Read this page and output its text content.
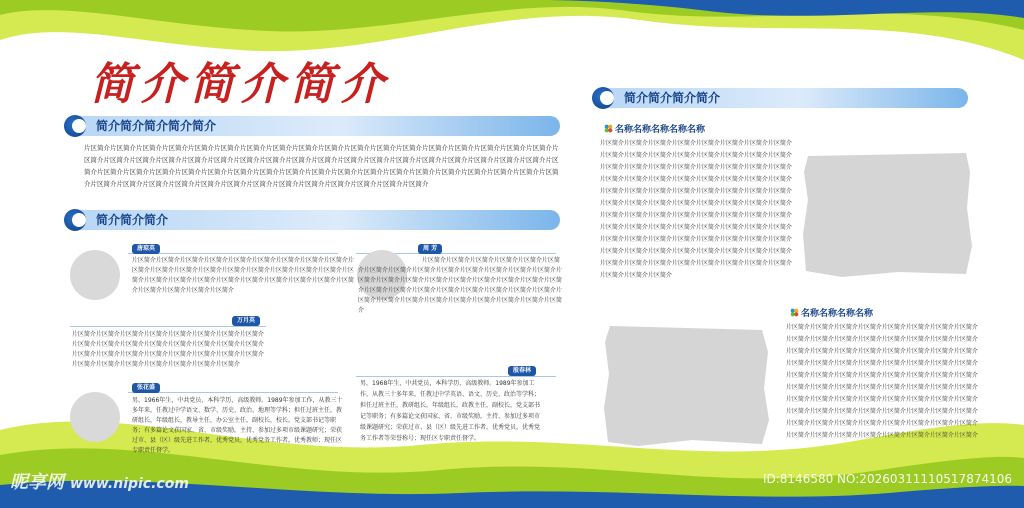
简介简介简介
简介简介简介简介简介
片区简介片区简介片区简介片区简介片区简介片区简介片区简介片区简介片区简介片区简介片区简介片区简介片区简介片区简介片区简介片区简介片区简介片区简介片区简介片区简介片区简介片区简介片区简介片区简介片区简介片区简介片区简介片区简介片区简介片区简介片区简介片区简介片区简介片区简介片区简介片区简介片区简介片区简介片区简介片区简介片区简介片区简介片区简介片区简介片区简介片区简介片区简介片区简介片区简介片区简介片区简介片区简介片区简介片区简介片区简介片区简介片区简介片区简介片区简介片区简介片区简介片区简介片区简介片区简介片区简介片区简介片区简介片区简介
简介简介简介
唐琼英
片区简介片区简介片区简介片区简介片区简介片区简介片区简介片区简介片区简介片区简介片区简介片区简介片区简介片区简介片区简介片区简介片区简介片区简介片区简介片区简介片区简介片区简介片区简介片区简介片区简介片区简介片区简介片区简介片区简介片区简介片区简介片区简介
万月英
片区简介片区简介片区简介片区简介片区简介片区简介片区简介片区简介片区简介片区简介片区简介片区简介片区简介片区简介片区简介片区简介片区简介片区简介片区简介片区简介片区简介片区简介片区简介片区简介片区简介片区简介片区简介片区简介片区简介片区简介片区简介
张花盛
男，1966年生，中共党员，本科学历，高级教师。1989年参加工作，从教三十多年来，任教过中学语文、数学、历史、政治、地理等学科；担任过班主任，教研组长，年级组长，教导主任，办公室主任，副校长，校长，党支部书记等职务；有多篇论文获国家、省、市级奖励，主持、参加过多项市级课题研究；荣获过市、县（区）级先进工作者，优秀党员，优秀党务工作者，优秀教师；现任区专职责任督学。
周 芳
片区简介片区简介片区简介片区简介片区简介片区简介片区简介片区简介片区简介片区简介片区简介片区简介片区简介片区简介片区简介片区简介片区简介片区简介片区简介片区简介片区简介片区简介片区简介片区简介片区简介片区简介片区简介片区简介片区简介片区简介片区简介片区简介片区简介片区简介片区简介片区简介片区简介片区简介片区简介片区简介
殷春林
男，1968年生，中共党员，本科学历，高级教师。1989年参加工作，从教三十多年来，任教过中学英语、语文、历史、政治等学科；担任过班主任，教研组长，年级组长，政教主任，副校长，党支部书记等职务；有多篇论文获国家、省、市级奖励，主持、参加过多项市级课题研究；荣获过市、县（区）级先进工作者，优秀党员，优秀党务工作者等荣誉称号；现任区专职责任督学。
简介简介简介简介
名称名称名称名称名称
片区简介片区简介片区简介片区简介片区简介片区简介片区简介片区简介片区简介片区简介片区简介片区简介片区简介片区简介片区简介片区简介片区简介片区简介片区简介片区简介片区简介片区简介片区简介片区简介片区简介片区简介片区简介片区简介片区简介片区简介片区简介片区简介片区简介片区简介片区简介片区简介片区简介片区简介片区简介片区简介片区简介片区简介片区简介片区简介片区简介片区简介片区简介片区简介片区简介片区简介片区简介片区简介片区简介片区简介片区简介片区简介片区简介片区简介片区简介片区简介片区简介片区简介片区简介片区简介片区简介片区简介片区简介片区简介片区简介片区简介片区简介片区简介片区简介片区简介片区简介片区简介片区简介片区简介片区简介片区简介片区简介片区简介片区简介片区简介片区简介片区简介片区简介片区简介片区简介片区简介片区简介
名称名称名称名称
片区简介片区简介片区简介片区简介片区简介片区简介片区简介片区简介片区简介片区简介片区简介片区简介片区简介片区简介片区简介片区简介片区简介片区简介片区简介片区简介片区简介片区简介片区简介片区简介片区简介片区简介片区简介片区简介片区简介片区简介片区简介片区简介片区简介片区简介片区简介片区简介片区简介片区简介片区简介片区简介片区简介片区简介片区简介片区简介片区简介片区简介片区简介片区简介片区简介片区简介片区简介片区简介片区简介片区简介片区简介片区简介片区简介片区简介片区简介片区简介片区简介片区简介片区简介片区简介片区简介片区简介片区简介片区简介片区简介片区简介片区简介片区简介片区简介片区简介片区简介片区简介片区简介片区简介片区简介片区简介
昵享网 www.nipic.com	ID:8146580 NO:20260311110517874106
